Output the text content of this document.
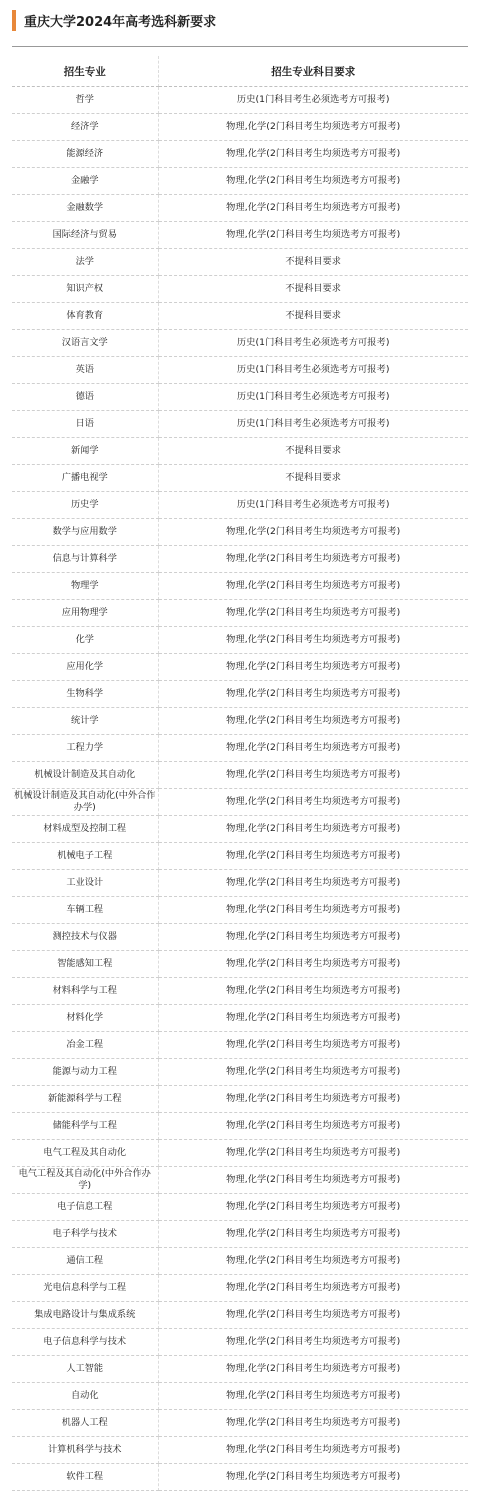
重庆大学2024年高考选科新要求
招生专业	招生专业科目要求
哲学	历史(1门科目考生必须选考方可报考)
经济学	物理,化学(2门科目考生均须选考方可报考)
能源经济	物理,化学(2门科目考生均须选考方可报考)
金融学	物理,化学(2门科目考生均须选考方可报考)
金融数学	物理,化学(2门科目考生均须选考方可报考)
国际经济与贸易	物理,化学(2门科目考生均须选考方可报考)
法学	不提科目要求
知识产权	不提科目要求
体育教育	不提科目要求
汉语言文学	历史(1门科目考生必须选考方可报考)
英语	历史(1门科目考生必须选考方可报考)
德语	历史(1门科目考生必须选考方可报考)
日语	历史(1门科目考生必须选考方可报考)
新闻学	不提科目要求
广播电视学	不提科目要求
历史学	历史(1门科目考生必须选考方可报考)
数学与应用数学	物理,化学(2门科目考生均须选考方可报考)
信息与计算科学	物理,化学(2门科目考生均须选考方可报考)
物理学	物理,化学(2门科目考生均须选考方可报考)
应用物理学	物理,化学(2门科目考生均须选考方可报考)
化学	物理,化学(2门科目考生均须选考方可报考)
应用化学	物理,化学(2门科目考生均须选考方可报考)
生物科学	物理,化学(2门科目考生均须选考方可报考)
统计学	物理,化学(2门科目考生均须选考方可报考)
工程力学	物理,化学(2门科目考生均须选考方可报考)
机械设计制造及其自动化	物理,化学(2门科目考生均须选考方可报考)
机械设计制造及其自动化(中外合作办学)	物理,化学(2门科目考生均须选考方可报考)
材料成型及控制工程	物理,化学(2门科目考生均须选考方可报考)
机械电子工程	物理,化学(2门科目考生均须选考方可报考)
工业设计	物理,化学(2门科目考生均须选考方可报考)
车辆工程	物理,化学(2门科目考生均须选考方可报考)
测控技术与仪器	物理,化学(2门科目考生均须选考方可报考)
智能感知工程	物理,化学(2门科目考生均须选考方可报考)
材料科学与工程	物理,化学(2门科目考生均须选考方可报考)
材料化学	物理,化学(2门科目考生均须选考方可报考)
冶金工程	物理,化学(2门科目考生均须选考方可报考)
能源与动力工程	物理,化学(2门科目考生均须选考方可报考)
新能源科学与工程	物理,化学(2门科目考生均须选考方可报考)
储能科学与工程	物理,化学(2门科目考生均须选考方可报考)
电气工程及其自动化	物理,化学(2门科目考生均须选考方可报考)
电气工程及其自动化(中外合作办学)	物理,化学(2门科目考生均须选考方可报考)
电子信息工程	物理,化学(2门科目考生均须选考方可报考)
电子科学与技术	物理,化学(2门科目考生均须选考方可报考)
通信工程	物理,化学(2门科目考生均须选考方可报考)
光电信息科学与工程	物理,化学(2门科目考生均须选考方可报考)
集成电路设计与集成系统	物理,化学(2门科目考生均须选考方可报考)
电子信息科学与技术	物理,化学(2门科目考生均须选考方可报考)
人工智能	物理,化学(2门科目考生均须选考方可报考)
自动化	物理,化学(2门科目考生均须选考方可报考)
机器人工程	物理,化学(2门科目考生均须选考方可报考)
计算机科学与技术	物理,化学(2门科目考生均须选考方可报考)
软件工程	物理,化学(2门科目考生均须选考方可报考)
